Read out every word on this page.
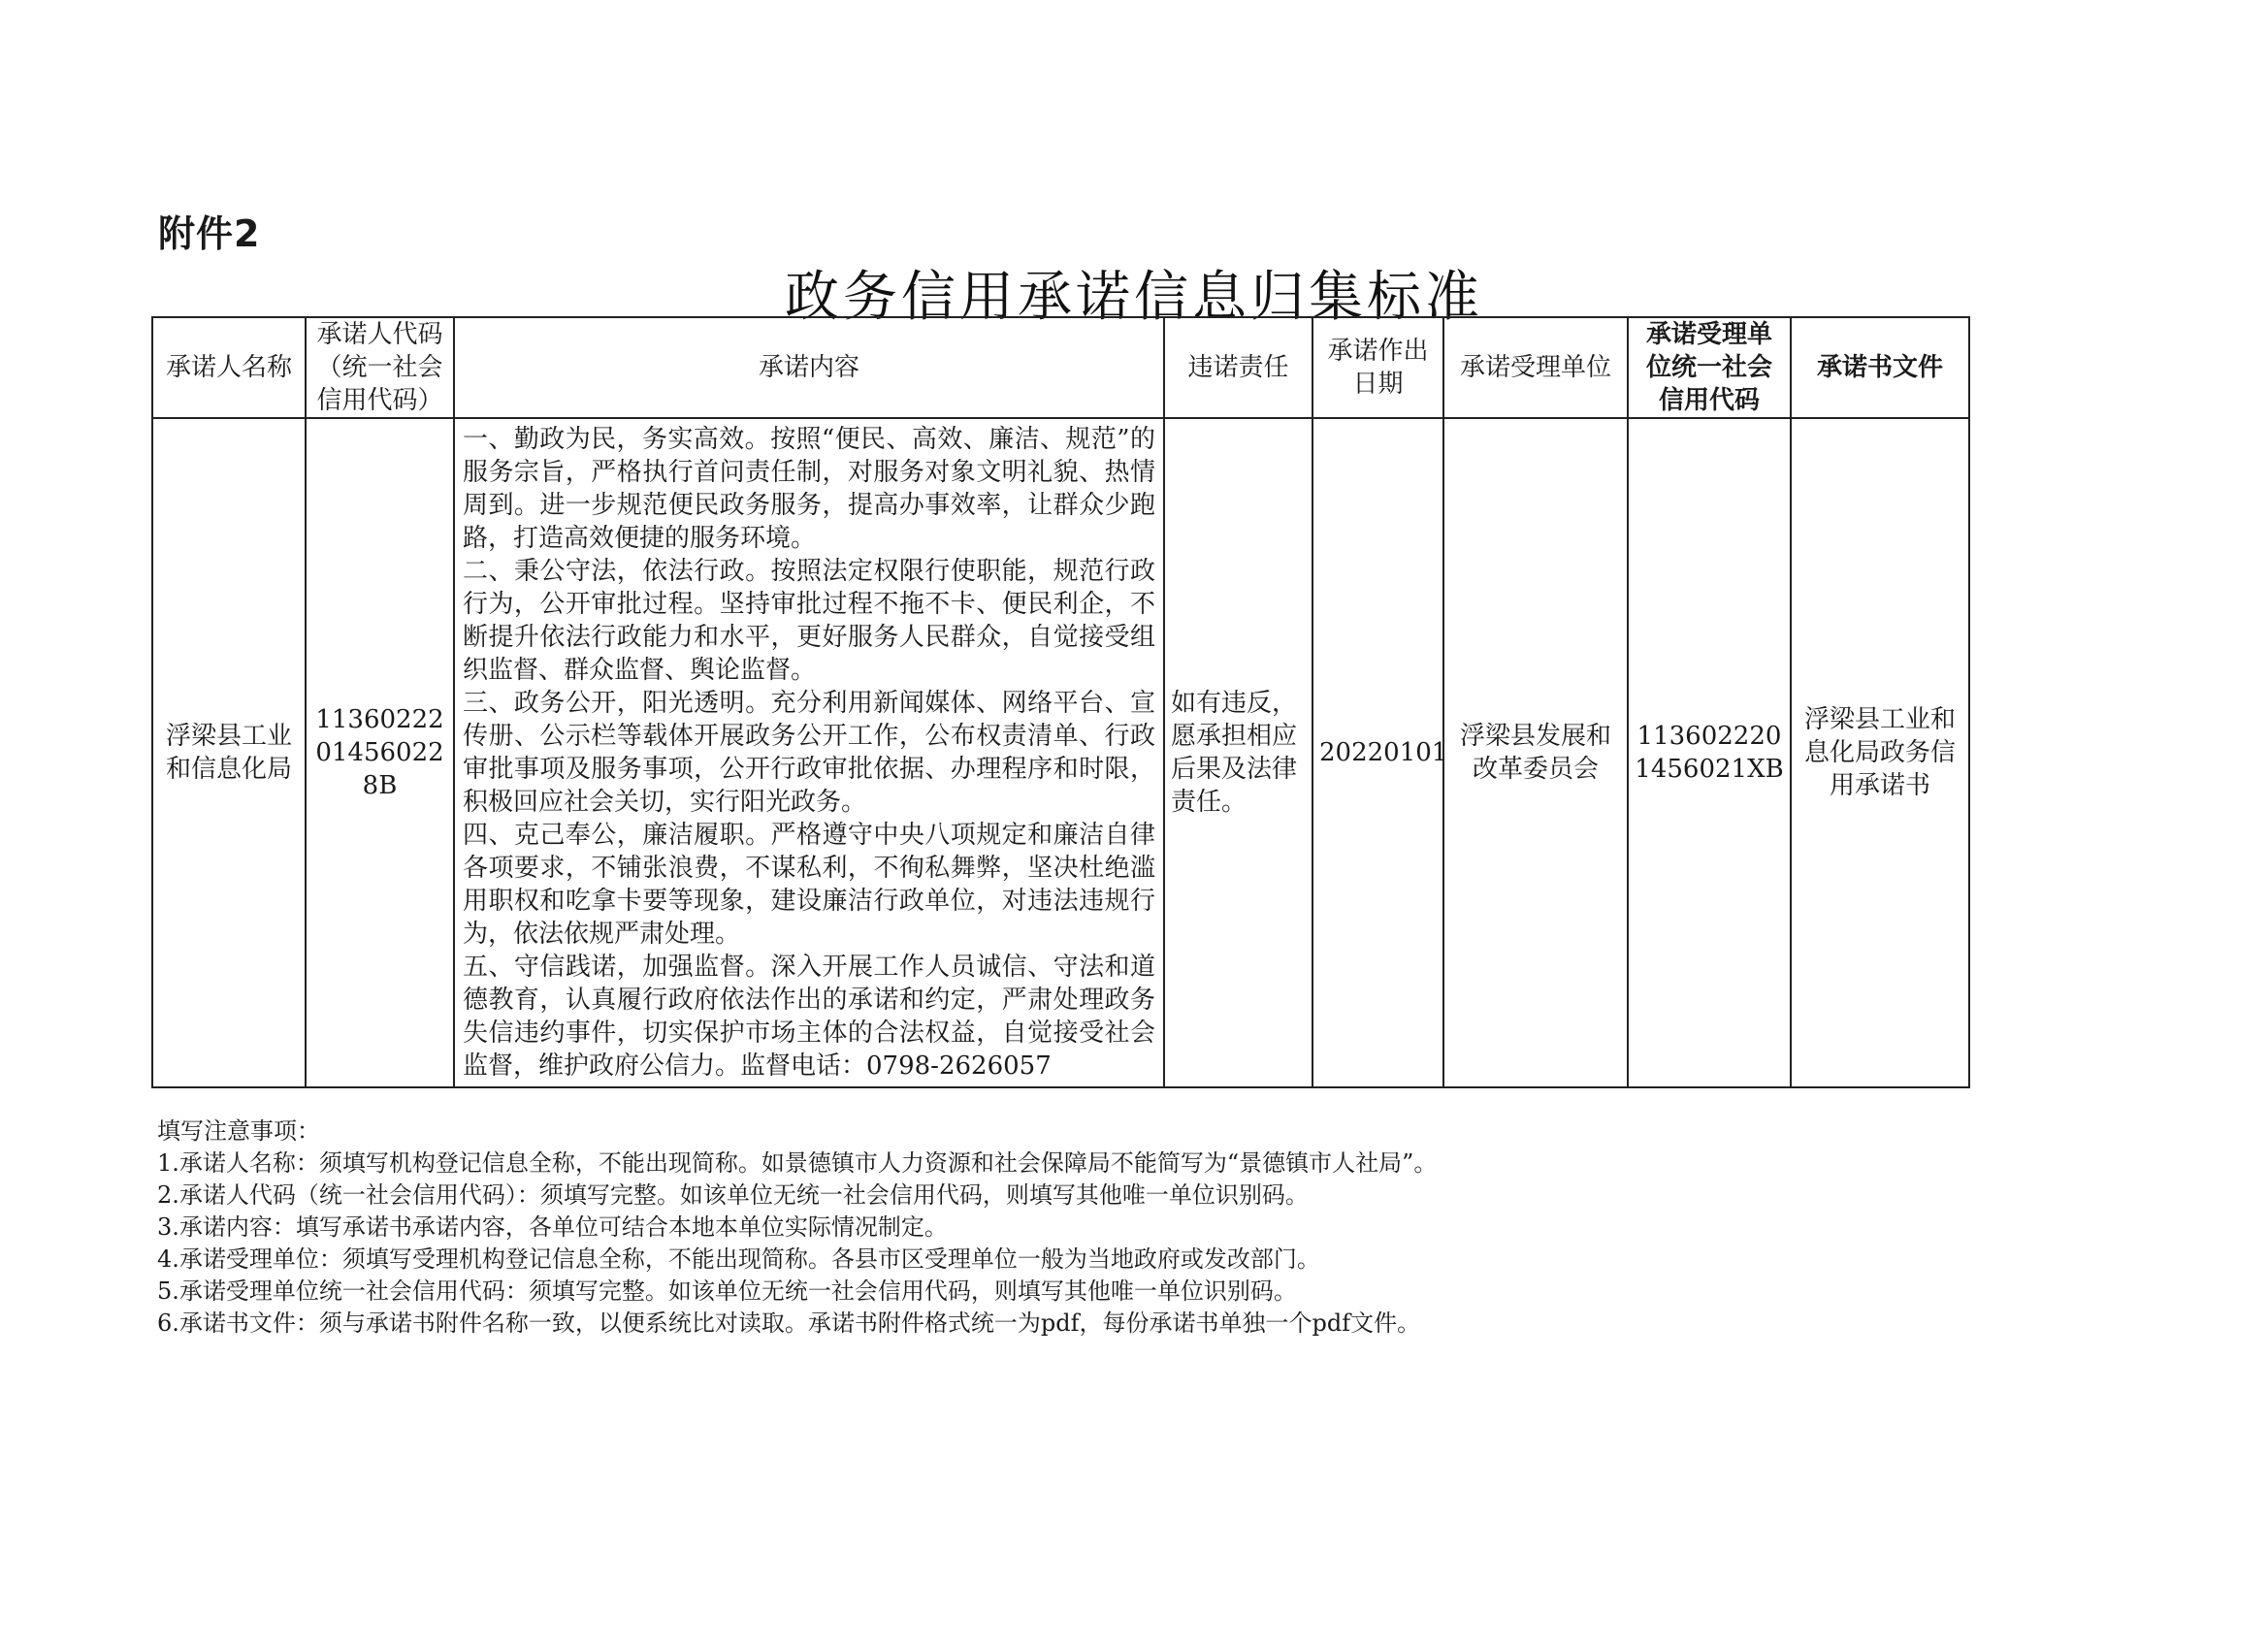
附件2
政务信用承诺信息归集标准
承诺人名称	承诺人代码（统一社会信用代码）	承诺内容	违诺责任	承诺作出日期	承诺受理单位	承诺受理单位统一社会信用代码	承诺书文件
浮梁县工业和信息化局	11360222014560228B	一、勤政为民，务实高效。按照“便民、高效、廉洁、规范”的服务宗旨，严格执行首问责任制，对服务对象文明礼貌、热情周到。进一步规范便民政务服务，提高办事效率，让群众少跑路，打造高效便捷的服务环境。
二、秉公守法，依法行政。按照法定权限行使职能，规范行政行为，公开审批过程。坚持审批过程不拖不卡、便民利企，不断提升依法行政能力和水平，更好服务人民群众，自觉接受组织监督、群众监督、舆论监督。
三、政务公开，阳光透明。充分利用新闻媒体、网络平台、宣传册、公示栏等载体开展政务公开工作，公布权责清单、行政审批事项及服务事项，公开行政审批依据、办理程序和时限，积极回应社会关切，实行阳光政务。
四、克己奉公，廉洁履职。严格遵守中央八项规定和廉洁自律各项要求，不铺张浪费，不谋私利，不徇私舞弊，坚决杜绝滥用职权和吃拿卡要等现象，建设廉洁行政单位，对违法违规行为，依法依规严肃处理。
五、守信践诺，加强监督。深入开展工作人员诚信、守法和道德教育，认真履行政府依法作出的承诺和约定，严肃处理政务失信违约事件，切实保护市场主体的合法权益，自觉接受社会监督，维护政府公信力。监督电话：0798-2626057	如有违反，愿承担相应后果及法律责任。	20220101	浮梁县发展和改革委员会	1136022201456021XB	浮梁县工业和息化局政务信用承诺书

填写注意事项：

1.承诺人名称：须填写机构登记信息全称，不能出现简称。如景德镇市人力资源和社会保障局不能简写为“景德镇市人社局”。

2.承诺人代码（统一社会信用代码）：须填写完整。如该单位无统一社会信用代码，则填写其他唯一单位识别码。

3.承诺内容：填写承诺书承诺内容，各单位可结合本地本单位实际情况制定。

4.承诺受理单位：须填写受理机构登记信息全称，不能出现简称。各县市区受理单位一般为当地政府或发改部门。

5.承诺受理单位统一社会信用代码：须填写完整。如该单位无统一社会信用代码，则填写其他唯一单位识别码。

6.承诺书文件：须与承诺书附件名称一致，以便系统比对读取。承诺书附件格式统一为pdf，每份承诺书单独一个pdf文件。
